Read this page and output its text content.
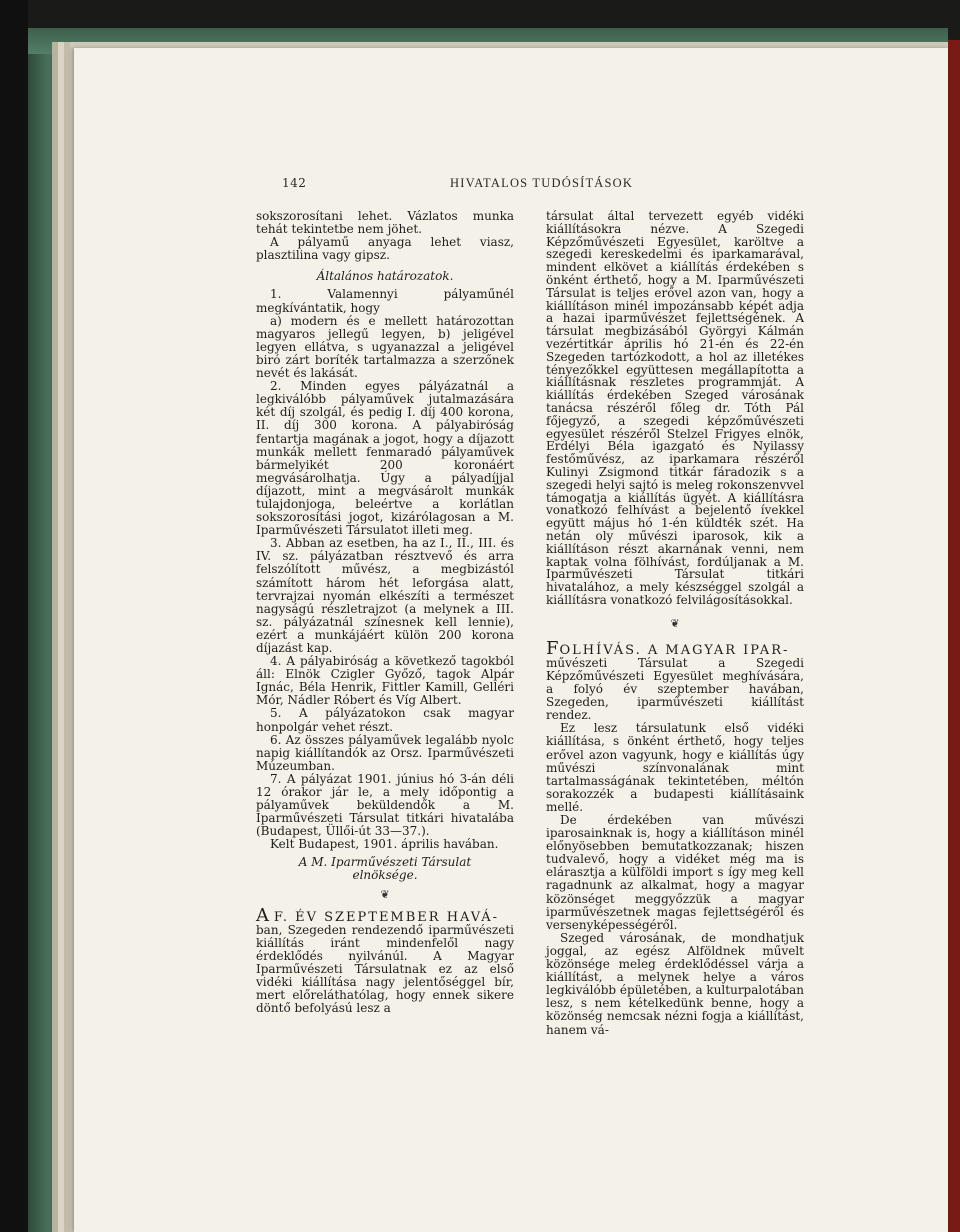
142	HIVATALOS TUDÓSÍTÁSOK

sokszorosítani lehet. Vázlatos munka tehát tekintetbe nem jöhet.

A pályamű anyaga lehet viasz, plasztilina vagy gipsz.

Általános határozatok.

1. Valamennyi pályaműnél megkívántatik, hogy

a) modern és e mellett határozottan magyaros jellegű legyen, b) jeligével legyen ellátva, s ugyanazzal a jeligével biró zárt boríték tartalmazza a szerzőnek nevét és lakását.

2. Minden egyes pályázatnál a legkiválóbb pályaművek jutalmazására két díj szolgál, és pedig I. díj 400 korona, II. díj 300 korona. A pályabiróság fentartja magának a jogot, hogy a díjazott munkák mellett fenmaradó pályaművek bármelyikét 200 koronáért megvásárolhatja. Úgy a pályadíjjal díjazott, mint a megvásárolt munkák tulajdonjoga, beleértve a korlátlan sokszorosítási jogot, kizárólagosan a M. Iparművészeti Társulatot illeti meg.

3. Abban az esetben, ha az I., II., III. és IV. sz. pályázatban résztvevő és arra felszólított művész, a megbizástól számított három hét leforgása alatt, tervrajzai nyomán elkészíti a természet nagyságú részletrajzot (a melynek a III. sz. pályázatnál színesnek kell lennie), ezért a munkájáért külön 200 korona díjazást kap.

4. A pályabiróság a következő tagokból áll: Elnök Czigler Győző, tagok Alpár Ignác, Béla Henrik, Fittler Kamill, Gelléri Mór, Nádler Róbert és Víg Albert.

5. A pályázatokon csak magyar honpolgár vehet részt.

6. Az összes pályaművek legalább nyolc napig kiállítandók az Orsz. Iparművészeti Múzeumban.

7. A pályázat 1901. június hó 3-án déli 12 órakor jár le, a mely időpontig a pályaművek beküldendők a M. Iparművészeti Társulat titkári hivatalába (Budapest, Üllői-út 33—37.).

Kelt Budapest, 1901. április havában.

A M. Iparművészeti Társulat

elnöksége.

❦

A F. ÉV SZEPTEMBER HAVÁ-

ban, Szegeden rendezendő iparművészeti kiállítás iránt mindenfelől nagy érdeklődés nyilvánúl. A Magyar Iparművészeti Társulatnak ez az első vidéki kiállítása nagy jelentőséggel bír, mert előreláthatólag, hogy ennek sikere döntő befolyású lesz a

társulat által tervezett egyéb vidéki kiállításokra nézve. A Szegedi Képzőművészeti Egyesület, karöltve a szegedi kereskedelmi és iparkamarával, mindent elkövet a kiállítás érdekében s önként érthető, hogy a M. Iparművészeti Társulat is teljes erővel azon van, hogy a kiállításon minél impozánsabb képét adja a hazai iparművészet fejlettségének. A társulat megbizásából Györgyi Kálmán vezértitkár április hó 21-én és 22-én Szegeden tartózkodott, a hol az illetékes tényezőkkel együttesen megállapította a kiállításnak részletes programmját. A kiállítás érdekében Szeged városának tanácsa részéről főleg dr. Tóth Pál főjegyző, a szegedi képzőművészeti egyesület részéről Stelzel Frigyes elnök, Erdélyi Béla igazgató és Nyilassy festőművész, az iparkamara részéről Kulinyi Zsigmond titkár fáradozik s a szegedi helyi sajtó is meleg rokonszenvvel támogatja a kiállítás ügyét. A kiállításra vonatkozó felhívást a bejelentő ívekkel együtt május hó 1-én küldték szét. Ha netán oly művészi iparosok, kik a kiállításon részt akarnának venni, nem kaptak volna fölhívást, fordúljanak a M. Iparművészeti Társulat titkári hivatalához, a mely készséggel szolgál a kiállításra vonatkozó felvilágosításokkal.

❦

FOLHÍVÁS. A MAGYAR IPAR-

művészeti Társulat a Szegedi Képzőművészeti Egyesület meghívására, a folyó év szeptember havában, Szegeden, iparművészeti kiállítást rendez.

Ez lesz társulatunk első vidéki kiállítása, s önként érthető, hogy teljes erővel azon vagyunk, hogy e kiállítás úgy művészi színvonalának mint tartalmasságának tekintetében, méltón sorakozzék a budapesti kiállításaink mellé.

De érdekében van művészi iparosainknak is, hogy a kiállításon minél előnyösebben bemutatkozzanak; hiszen tudvalevő, hogy a vidéket még ma is elárasztja a külföldi import s így meg kell ragadnunk az alkalmat, hogy a magyar közönséget meggyőzzük a magyar iparművészetnek magas fejlettségéről és versenyképességéről.

Szeged városának, de mondhatjuk joggal, az egész Alföldnek művelt közönsége meleg érdeklődéssel várja a kiállítást, a melynek helye a város legkiválóbb épületében, a kulturpalotában lesz, s nem kételkedünk benne, hogy a közönség nemcsak nézni fogja a kiállítást, hanem vá-
